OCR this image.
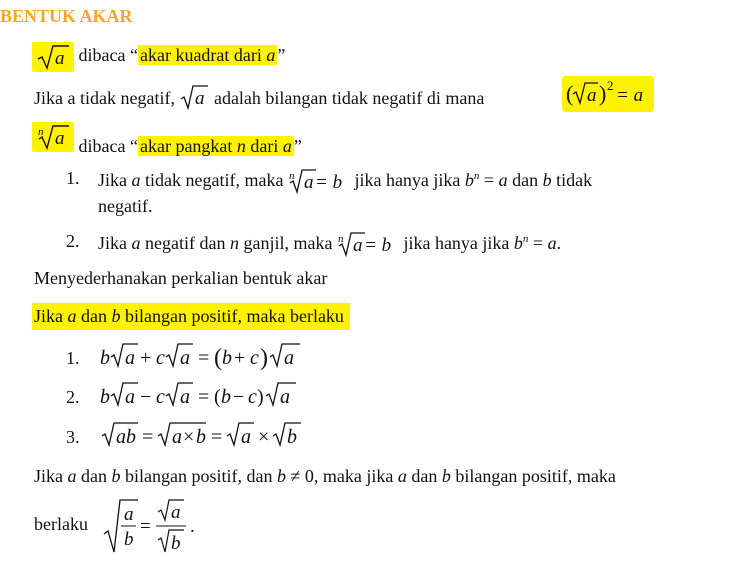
BENTUK AKAR
a dibaca “ akar kuadrat dari a ”
Jika a tidak negatif, a adalah bilangan tidak negatif di mana	( a ) 2 = a
n a dibaca “ akar pangkat n dari a ”
1. Jika a tidak negatif, maka n a = b jika hanya jika $b^n = a$ dan b tidak
negatif.
2. Jika a negatif dan n ganjil, maka n a = b jika hanya jika $b^n = a$.
Menyederhanakan perkalian bentuk akar
Jika a dan b bilangan positif, maka berlaku
1. b a + c a = ( b + c ) a
2. b a − c a = ( b − c ) a
3. ab = a × b = a × b
Jika a dan b bilangan positif, dan b ≠ 0, maka jika a dan b bilangan positif, maka
berlaku a
b
=
a
b
.
